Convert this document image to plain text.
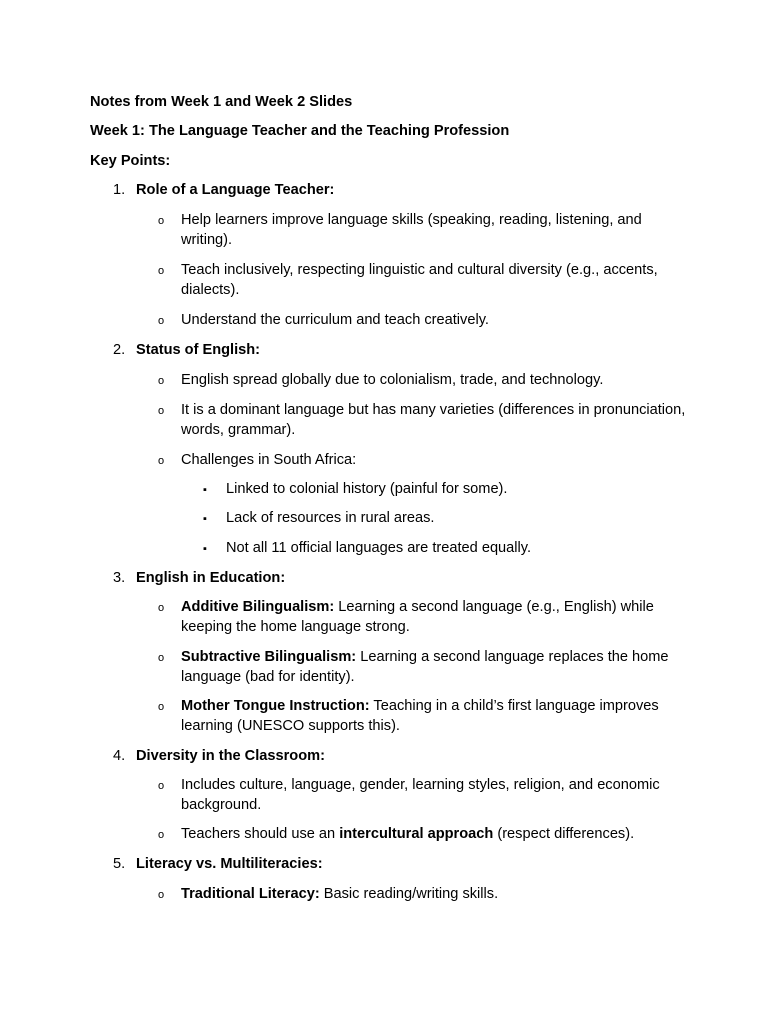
Notes from Week 1 and Week 2 Slides
Week 1: The Language Teacher and the Teaching Profession
Key Points:
1. Role of a Language Teacher:
o Help learners improve language skills (speaking, reading, listening, and writing).
o Teach inclusively, respecting linguistic and cultural diversity (e.g., accents, dialects).
o Understand the curriculum and teach creatively.
2. Status of English:
o English spread globally due to colonialism, trade, and technology.
o It is a dominant language but has many varieties (differences in pronunciation, words, grammar).
o Challenges in South Africa:
▪ Linked to colonial history (painful for some).
▪ Lack of resources in rural areas.
▪ Not all 11 official languages are treated equally.
3. English in Education:
o Additive Bilingualism: Learning a second language (e.g., English) while keeping the home language strong.
o Subtractive Bilingualism: Learning a second language replaces the home language (bad for identity).
o Mother Tongue Instruction: Teaching in a child’s first language improves learning (UNESCO supports this).
4. Diversity in the Classroom:
o Includes culture, language, gender, learning styles, religion, and economic background.
o Teachers should use an intercultural approach (respect differences).
5. Literacy vs. Multiliteracies:
o Traditional Literacy: Basic reading/writing skills.
